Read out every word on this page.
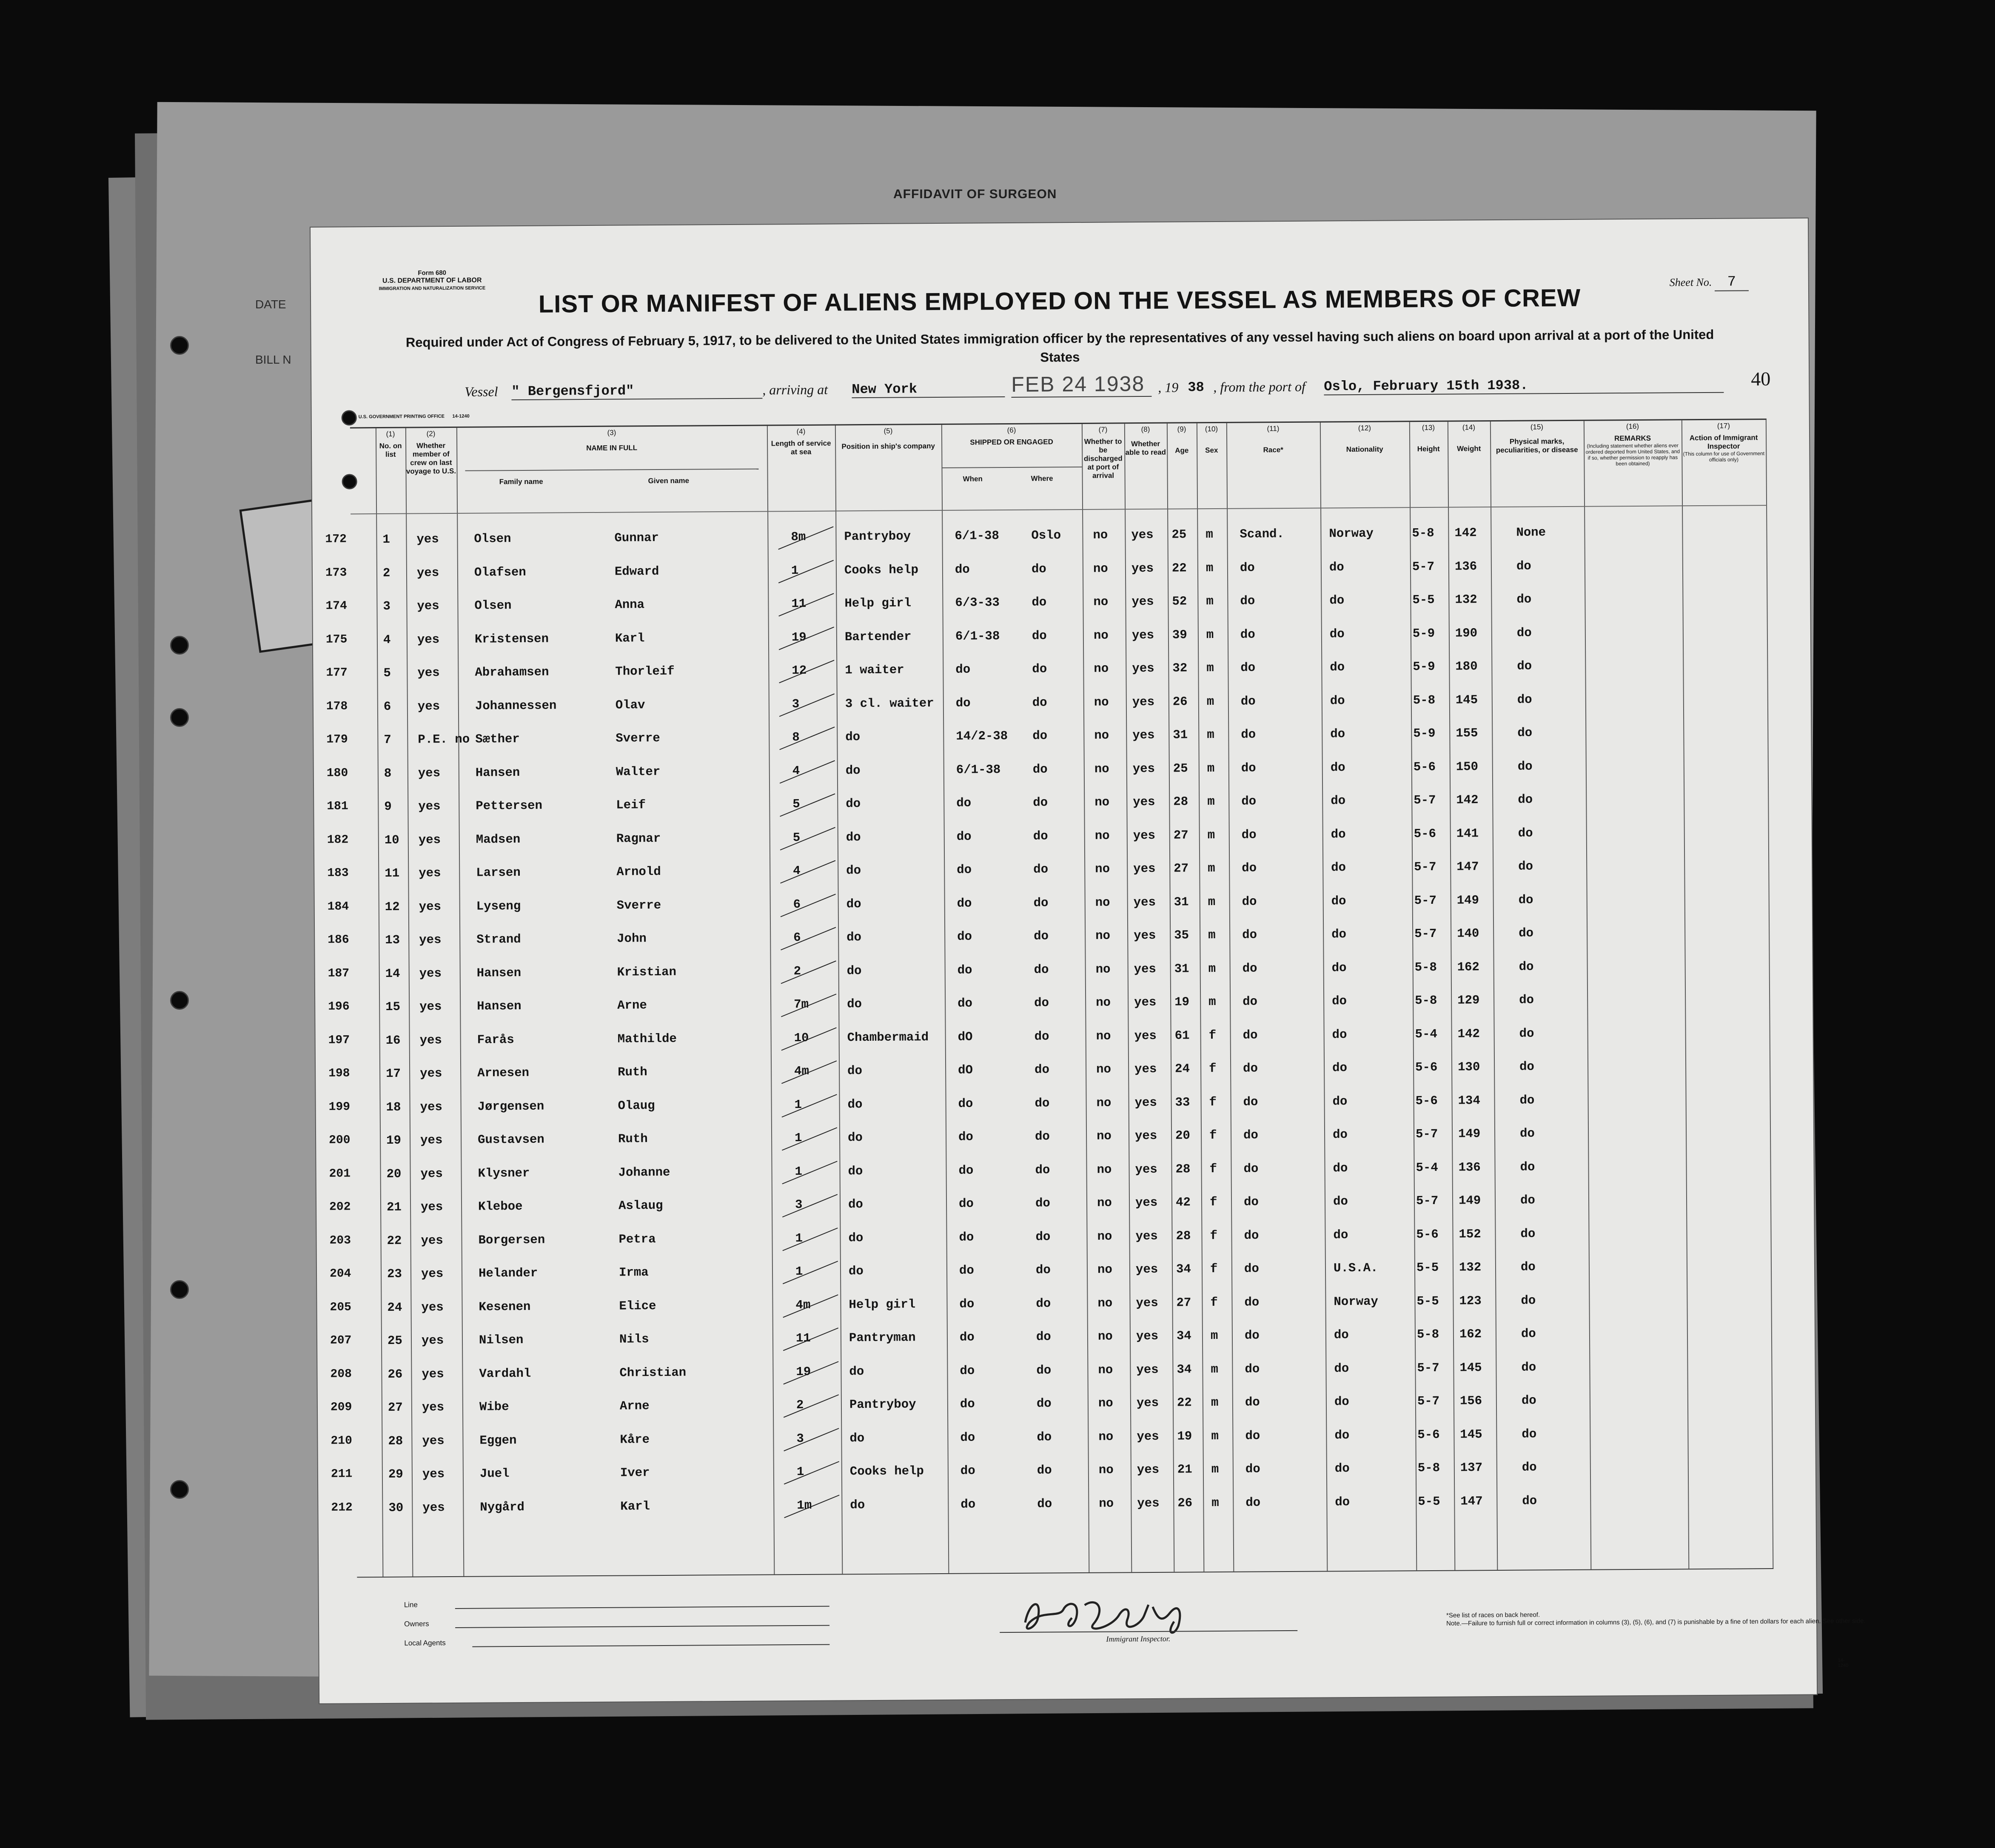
AFFIDAVIT OF SURGEON
DATE
BILL N
Form 680
U.S. DEPARTMENT OF LABOR
IMMIGRATION AND NATURALIZATION SERVICE
U.S. GOVERNMENT PRINTING OFFICE 14-1240
Sheet No. 7
LIST OR MANIFEST OF ALIENS EMPLOYED ON THE VESSEL AS MEMBERS OF CREW
Required under Act of Congress of February 5, 1917, to be delivered to the United States immigration officer by the representatives of any vessel having such aliens on board upon arrival at a port of the United States
40
Vessel " Bergensfjord"	, arriving at New York	FEB 24 1938 , 19 38 , from the port of Oslo, February 15th 1938.
(1)
No. on list
(2)
Whether member of crew on last voyage to U.S.
(3)
NAME IN FULL
Family name	Given name
(4)
Length of service at sea
(5)
Position in ship's company
(6)
SHIPPED OR ENGAGED
When	Where
(7)
Whether to be discharged at port of arrival
(8)
Whether able to read
(9)
Age
(10)
Sex
(11)
Race*
(12)
Nationality
(13)
Height
(14)
Weight
(15)
Physical marks, peculiarities, or disease
(16)
REMARKS
(Including statement whether aliens ever ordered deported from United States, and if so, whether permission to reapply has been obtained)
(17)
Action of Immigrant Inspector
(This column for use of Government officials only)
172	1 yes	Olsen	Gunnar	8m	Pantryboy	6/1-38	Oslo	no yes 25 m Scand.	Norway	5-8 142	None
173	2 yes	Olafsen	Edward	1	Cooks help	do	do	no yes 22 m do	do	5-7 136	do
174	3 yes	Olsen	Anna	11	Help girl	6/3-33	do	no yes 52 m do	do	5-5 132	do
175	4 yes	Kristensen	Karl	19	Bartender	6/1-38	do	no yes 39 m do	do	5-9 190	do
177	5 yes	Abrahamsen	Thorleif	12	1 waiter	do	do	no yes 32 m do	do	5-9 180	do
178	6 yes	Johannessen	Olav	3	3 cl. waiter do	do	no yes 26 m do	do	5-8 145	do
179	7 P.E. no Sæther	Sverre	8	do	14/2-38 do	no yes 31 m do	do	5-9 155	do
180	8 yes	Hansen	Walter	4	do	6/1-38	do	no yes 25 m do	do	5-6 150	do
181	9 yes	Pettersen	Leif	5	do	do	do	no yes 28 m do	do	5-7 142	do
182	10 yes	Madsen	Ragnar	5	do	do	do	no yes 27 m do	do	5-6 141	do
183	11 yes	Larsen	Arnold	4	do	do	do	no yes 27 m do	do	5-7 147	do
184	12 yes	Lyseng	Sverre	6	do	do	do	no yes 31 m do	do	5-7 149	do
186	13 yes	Strand	John	6	do	do	do	no yes 35 m do	do	5-7 140	do
187	14 yes	Hansen	Kristian	2	do	do	do	no yes 31 m do	do	5-8 162	do
196	15 yes	Hansen	Arne	7m	do	do	do	no yes 19 m do	do	5-8 129	do
197	16 yes	Farås	Mathilde	10	Chambermaid dO	do	no yes 61 f do	do	5-4 142	do
198	17 yes	Arnesen	Ruth	4m	do	dO	do	no yes 24 f do	do	5-6 130	do
199	18 yes	Jørgensen	Olaug	1	do	do	do	no yes 33 f do	do	5-6 134	do
200	19 yes	Gustavsen	Ruth	1	do	do	do	no yes 20 f do	do	5-7 149	do
201	20 yes	Klysner	Johanne	1	do	do	do	no yes 28 f do	do	5-4 136	do
202	21 yes	Kleboe	Aslaug	3	do	do	do	no yes 42 f do	do	5-7 149	do
203	22 yes	Borgersen	Petra	1	do	do	do	no yes 28 f do	do	5-6 152	do
204	23 yes	Helander	Irma	1	do	do	do	no yes 34 f do	U.S.A.	5-5 132	do
205	24 yes	Kesenen	Elice	4m	Help girl	do	do	no yes 27 f do	Norway	5-5 123	do
207	25 yes	Nilsen	Nils	11	Pantryman	do	do	no yes 34 m do	do	5-8 162	do
208	26 yes	Vardahl	Christian	19	do	do	do	no yes 34 m do	do	5-7 145	do
209	27 yes	Wibe	Arne	2	Pantryboy	do	do	no yes 22 m do	do	5-7 156	do
210	28 yes	Eggen	Kåre	3	do	do	do	no yes 19 m do	do	5-6 145	do
211	29 yes	Juel	Iver	1	Cooks help	do	do	no yes 21 m do	do	5-8 137	do
212	30 yes	Nygård	Karl	1m	do	do	do	no yes 26 m do	do	5-5 147	do
Line
Owners
Local Agents	Immigrant Inspector.
*See list of races on back hereof.
Note.—Failure to furnish full or correct information in columns (3), (5), (6), and (7) is punishable by a fine of ten dollars for each alien. See other side.
14-1240
